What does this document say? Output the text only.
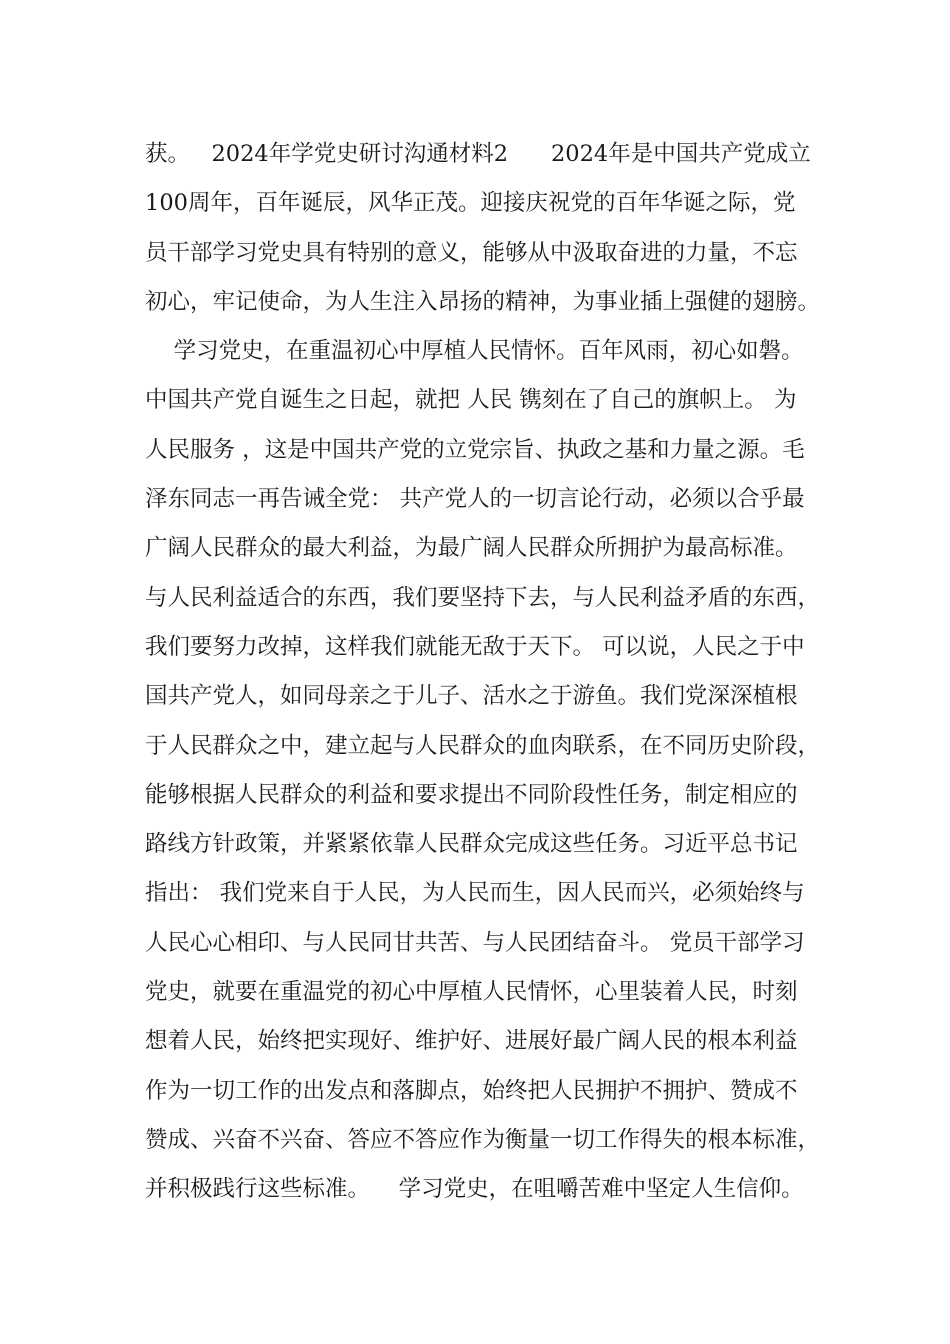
获。   2024年学党史研讨沟通材料2      2024年是中国共产党成立
100周年，百年诞辰，风华正茂。迎接庆祝党的百年华诞之际，党
员干部学习党史具有特别的意义，能够从中汲取奋进的力量，不忘
初心，牢记使命，为人生注入昂扬的精神，为事业插上强健的翅膀。
学习党史，在重温初心中厚植人民情怀。百年风雨，初心如磐。
中国共产党自诞生之日起，就把 人民 镌刻在了自己的旗帜上。 为
人民服务 ，这是中国共产党的立党宗旨、执政之基和力量之源。毛
泽东同志一再告诫全党： 共产党人的一切言论行动，必须以合乎最
广阔人民群众的最大利益，为最广阔人民群众所拥护为最高标准。
与人民利益适合的东西，我们要坚持下去，与人民利益矛盾的东西，
我们要努力改掉，这样我们就能无敌于天下。 可以说，人民之于中
国共产党人，如同母亲之于儿子、活水之于游鱼。我们党深深植根
于人民群众之中，建立起与人民群众的血肉联系，在不同历史阶段，
能够根据人民群众的利益和要求提出不同阶段性任务，制定相应的
路线方针政策，并紧紧依靠人民群众完成这些任务。习近平总书记
指出： 我们党来自于人民，为人民而生，因人民而兴，必须始终与
人民心心相印、与人民同甘共苦、与人民团结奋斗。 党员干部学习
党史，就要在重温党的初心中厚植人民情怀，心里装着人民，时刻
想着人民，始终把实现好、维护好、进展好最广阔人民的根本利益
作为一切工作的出发点和落脚点，始终把人民拥护不拥护、赞成不
赞成、兴奋不兴奋、答应不答应作为衡量一切工作得失的根本标准，
并积极践行这些标准。    学习党史，在咀嚼苦难中坚定人生信仰。
